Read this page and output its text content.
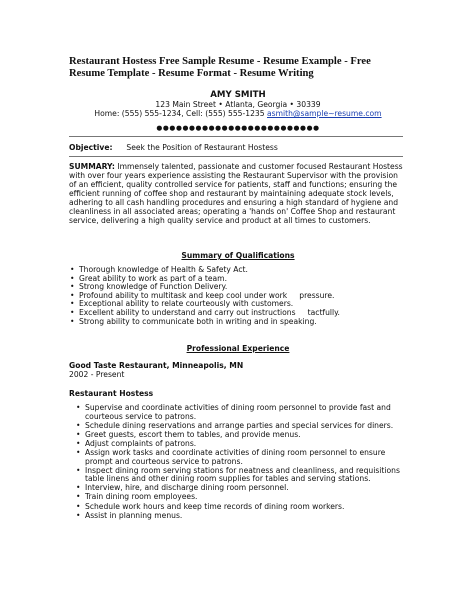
Restaurant Hostess Free Sample Resume - Resume Example - Free Resume Template - Resume Format - Resume Writing
AMY SMITH
123 Main Street • Atlanta, Georgia • 30339
Home: (555) 555-1234, Cell: (555) 555-1235 asmith@sample~resume.com
●●●●●●●●●●●●●●●●●●●●●●●●●
Objective: Seek the Position of Restaurant Hostess
SUMMARY: Immensely talented, passionate and customer focused Restaurant Hostess with over four years experience assisting the Restaurant Supervisor with the provision of an efficient, quality controlled service for patients, staff and functions; ensuring the efficient running of coffee shop and restaurant by maintaining adequate stock levels, adhering to all cash handling procedures and ensuring a high standard of hygiene and cleanliness in all associated areas; operating a 'hands on' Coffee Shop and restaurant service, delivering a high quality service and product at all times to customers.
Summary of Qualifications
• Thorough knowledge of Health & Safety Act.
• Great ability to work as part of a team.
• Strong knowledge of Function Delivery.
• Profound ability to multitask and keep cool under work     pressure.
• Exceptional ability to relate courteously with customers.
• Excellent ability to understand and carry out instructions     tactfully.
• Strong ability to communicate both in writing and in speaking.
Professional Experience
Good Taste Restaurant, Minneapolis, MN
2002 - Present
Restaurant Hostess
• Supervise and coordinate activities of dining room personnel to provide fast and courteous service to patrons.
• Schedule dining reservations and arrange parties and special services for diners.
• Greet guests, escort them to tables, and provide menus.
• Adjust complaints of patrons.
• Assign work tasks and coordinate activities of dining room personnel to ensure prompt and courteous service to patrons.
• Inspect dining room serving stations for neatness and cleanliness, and requisitions table linens and other dining room supplies for tables and serving stations.
• Interview, hire, and discharge dining room personnel.
• Train dining room employees.
• Schedule work hours and keep time records of dining room workers.
• Assist in planning menus.
